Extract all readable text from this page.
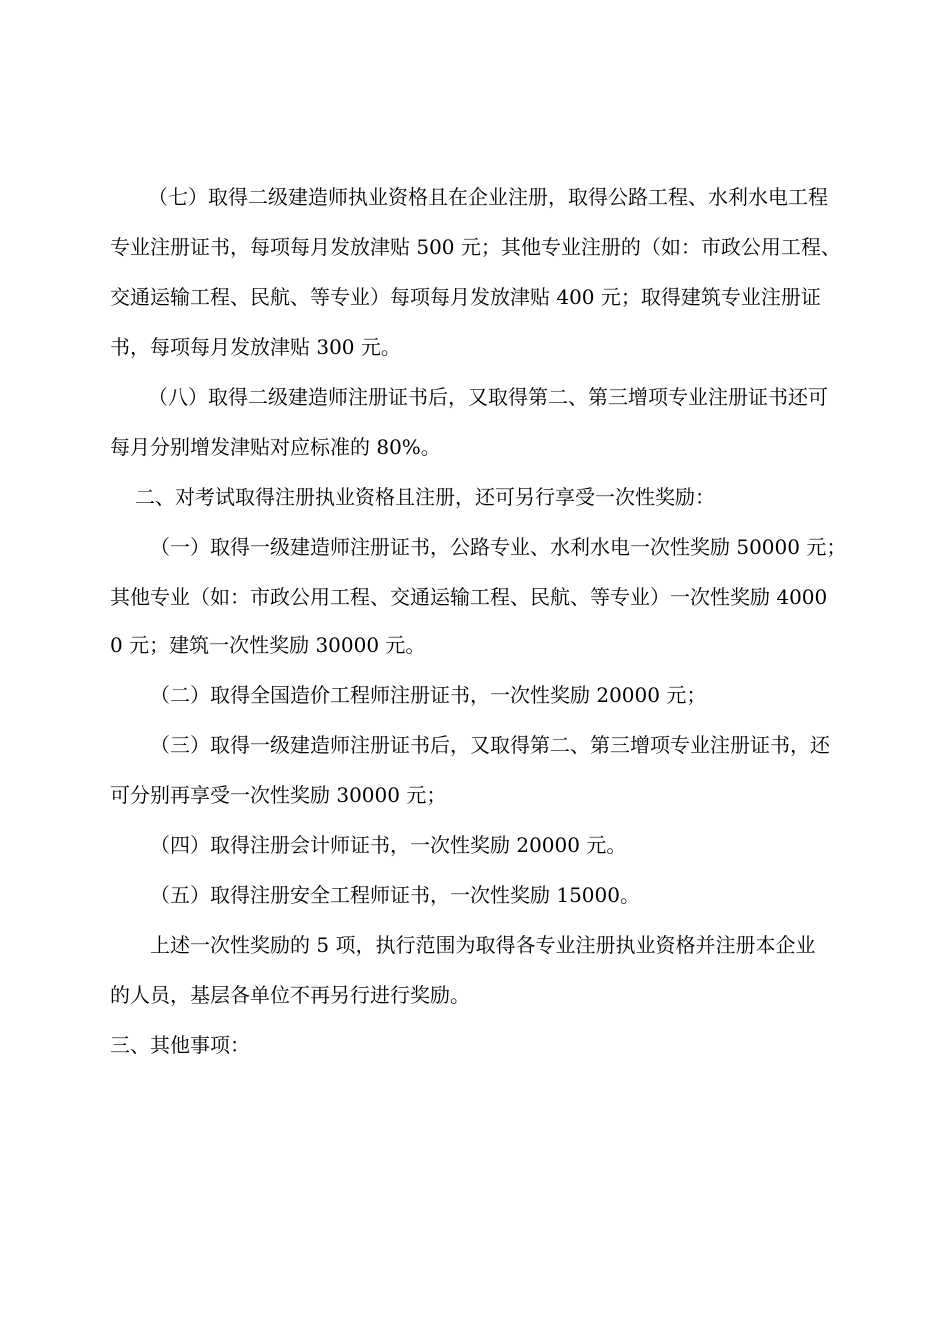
（七）取得二级建造师执业资格且在企业注册，取得公路工程、水利水电工程
专业注册证书，每项每月发放津贴 500 元；其他专业注册的（如：市政公用工程、
交通运输工程、民航、等专业）每项每月发放津贴 400 元；取得建筑专业注册证
书，每项每月发放津贴 300 元。
（八）取得二级建造师注册证书后，又取得第二、第三增项专业注册证书还可
每月分别增发津贴对应标准的 80%。
二、对考试取得注册执业资格且注册，还可另行享受一次性奖励：
（一）取得一级建造师注册证书，公路专业、水利水电一次性奖励 50000 元；
其他专业（如：市政公用工程、交通运输工程、民航、等专业）一次性奖励 4000
0 元；建筑一次性奖励 30000 元。
（二）取得全国造价工程师注册证书，一次性奖励 20000 元；
（三）取得一级建造师注册证书后，又取得第二、第三增项专业注册证书，还
可分别再享受一次性奖励 30000 元；
（四）取得注册会计师证书，一次性奖励 20000 元。
（五）取得注册安全工程师证书，一次性奖励 15000。
上述一次性奖励的 5 项，执行范围为取得各专业注册执业资格并注册本企业
的人员，基层各单位不再另行进行奖励。
三、其他事项：
